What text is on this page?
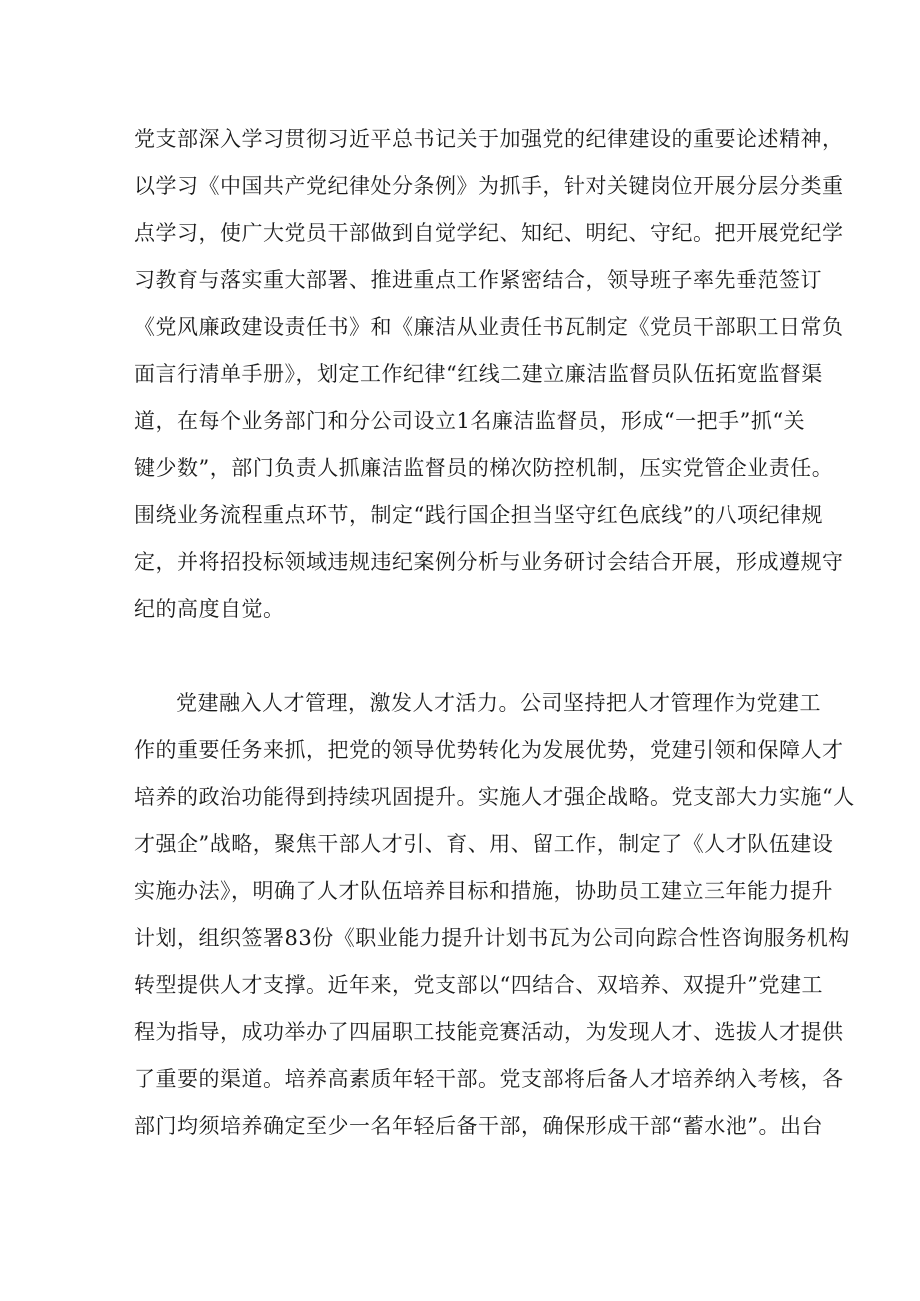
党支部深入学习贯彻习近平总书记关于加强党的纪律建设的重要论述精神，
以学习《中国共产党纪律处分条例》为抓手，针对关键岗位开展分层分类重
点学习，使广大党员干部做到自觉学纪、知纪、明纪、守纪。把开展党纪学
习教育与落实重大部署、推进重点工作紧密结合，领导班子率先垂范签订
《党风廉政建设责任书》和《廉洁从业责任书瓦制定《党员干部职工日常负
面言行清单手册》，划定工作纪律“红线二建立廉洁监督员队伍拓宽监督渠
道，在每个业务部门和分公司设立1名廉洁监督员，形成“一把手”抓“关
键少数”，部门负责人抓廉洁监督员的梯次防控机制，压实党管企业责任。
围绕业务流程重点环节，制定“践行国企担当坚守红色底线”的八项纪律规
定，并将招投标领域违规违纪案例分析与业务研讨会结合开展，形成遵规守
纪的高度自觉。
党建融入人才管理，激发人才活力。公司坚持把人才管理作为党建工
作的重要任务来抓，把党的领导优势转化为发展优势，党建引领和保障人才
培养的政治功能得到持续巩固提升。实施人才强企战略。党支部大力实施“人
才强企”战略，聚焦干部人才引、育、用、留工作，制定了《人才队伍建设
实施办法》，明确了人才队伍培养目标和措施，协助员工建立三年能力提升
计划，组织签署83份《职业能力提升计划书瓦为公司向踪合性咨询服务机构
转型提供人才支撑。近年来，党支部以“四结合、双培养、双提升”党建工
程为指导，成功举办了四届职工技能竞赛活动，为发现人才、选拔人才提供
了重要的渠道。培养高素质年轻干部。党支部将后备人才培养纳入考核，各
部门均须培养确定至少一名年轻后备干部，确保形成干部“蓄水池”。出台
